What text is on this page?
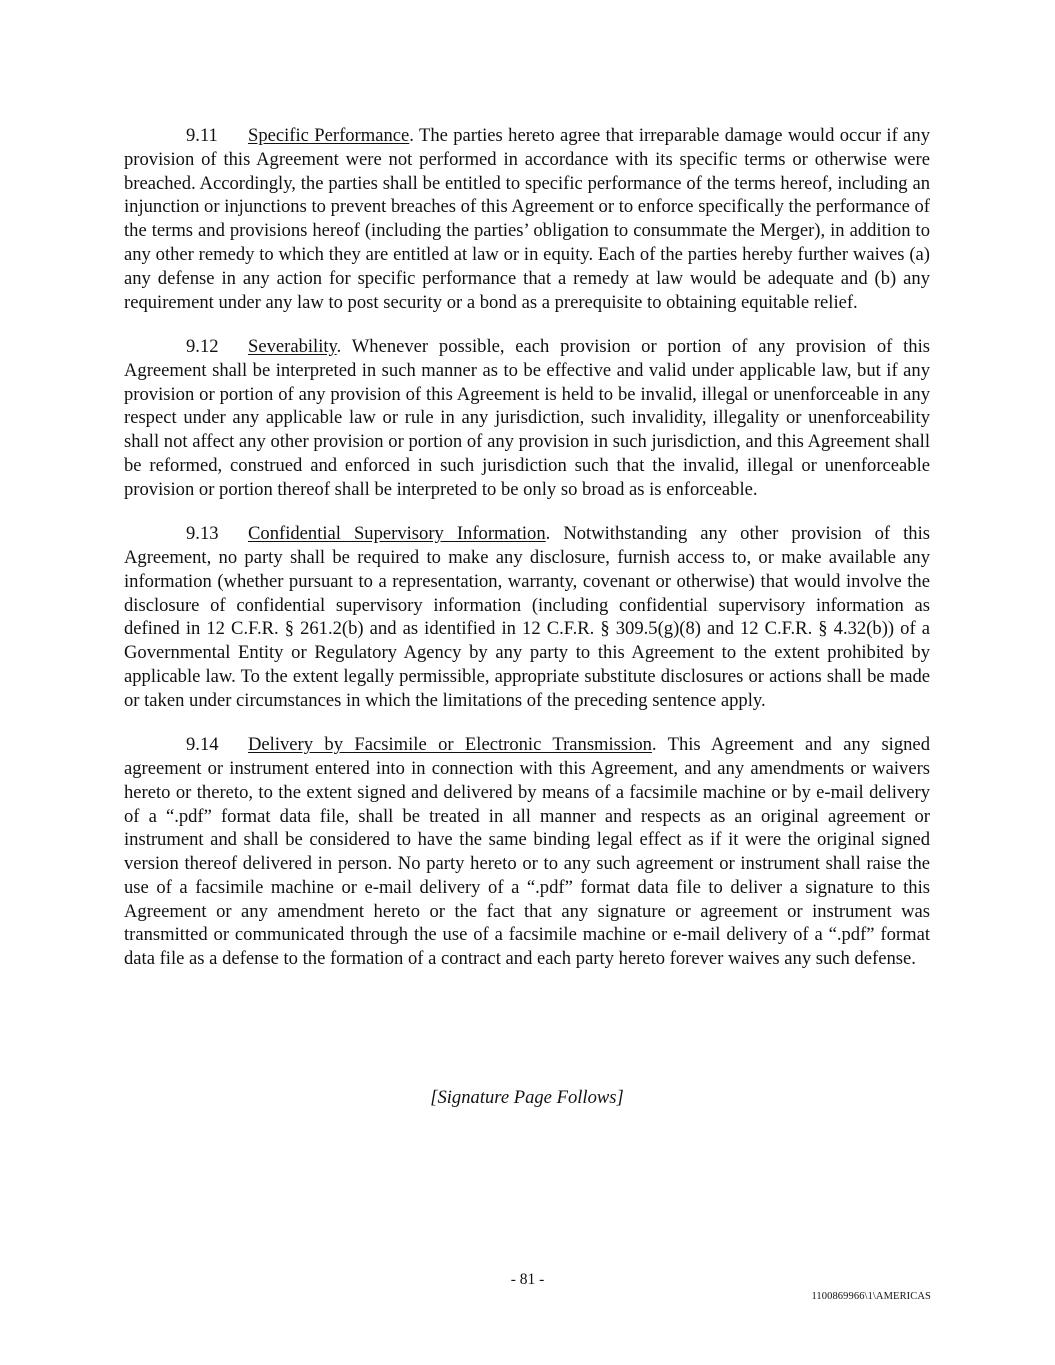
9.11 Specific Performance. The parties hereto agree that irreparable damage would occur if any provision of this Agreement were not performed in accordance with its specific terms or otherwise were breached. Accordingly, the parties shall be entitled to specific performance of the terms hereof, including an injunction or injunctions to prevent breaches of this Agreement or to enforce specifically the performance of the terms and provisions hereof (including the parties’ obligation to consummate the Merger), in addition to any other remedy to which they are entitled at law or in equity. Each of the parties hereby further waives (a) any defense in any action for specific performance that a remedy at law would be adequate and (b) any requirement under any law to post security or a bond as a prerequisite to obtaining equitable relief.

9.12 Severability. Whenever possible, each provision or portion of any provision of this Agreement shall be interpreted in such manner as to be effective and valid under applicable law, but if any provision or portion of any provision of this Agreement is held to be invalid, illegal or unenforceable in any respect under any applicable law or rule in any jurisdiction, such invalidity, illegality or unenforceability shall not affect any other provision or portion of any provision in such jurisdiction, and this Agreement shall be reformed, construed and enforced in such jurisdiction such that the invalid, illegal or unenforceable provision or portion thereof shall be interpreted to be only so broad as is enforceable.

9.13 Confidential Supervisory Information. Notwithstanding any other provision of this Agreement, no party shall be required to make any disclosure, furnish access to, or make available any information (whether pursuant to a representation, warranty, covenant or otherwise) that would involve the disclosure of confidential supervisory information (including confidential supervisory information as defined in 12 C.F.R. § 261.2(b) and as identified in 12 C.F.R. § 309.5(g)(8) and 12 C.F.R. § 4.32(b)) of a Governmental Entity or Regulatory Agency by any party to this Agreement to the extent prohibited by applicable law. To the extent legally permissible, appropriate substitute disclosures or actions shall be made or taken under circumstances in which the limitations of the preceding sentence apply.

9.14 Delivery by Facsimile or Electronic Transmission. This Agreement and any signed agreement or instrument entered into in connection with this Agreement, and any amendments or waivers hereto or thereto, to the extent signed and delivered by means of a facsimile machine or by e-mail delivery of a “.pdf” format data file, shall be treated in all manner and respects as an original agreement or instrument and shall be considered to have the same binding legal effect as if it were the original signed version thereof delivered in person. No party hereto or to any such agreement or instrument shall raise the use of a facsimile machine or e-mail delivery of a “.pdf” format data file to deliver a signature to this Agreement or any amendment hereto or the fact that any signature or agreement or instrument was transmitted or communicated through the use of a facsimile machine or e-mail delivery of a “.pdf” format data file as a defense to the formation of a contract and each party hereto forever waives any such defense.

[Signature Page Follows]
- 81 -
1100869966\1\AMERICAS
